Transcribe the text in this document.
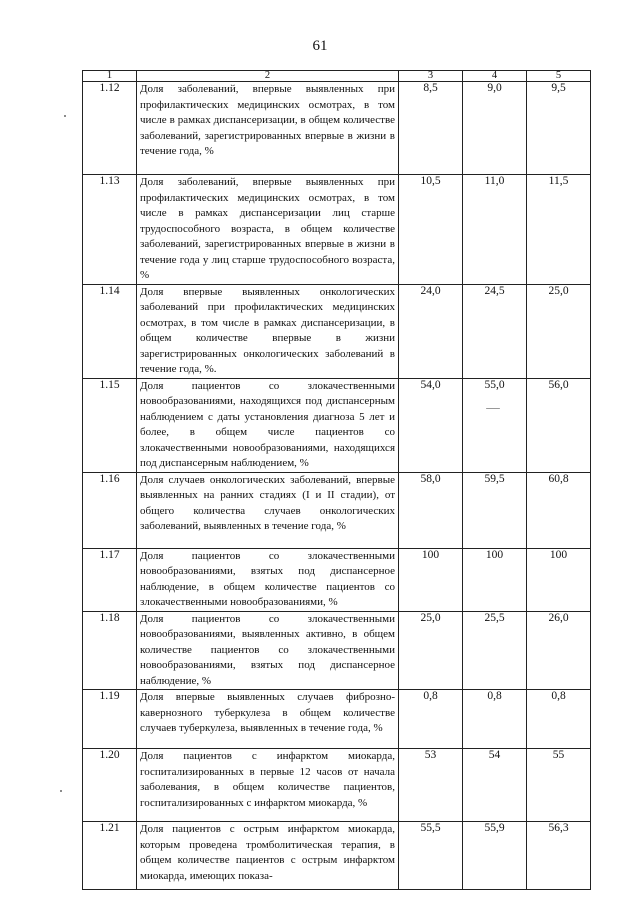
61
1	2	3	4	5
1.12	Доля заболеваний, впервые выявленных при профилактических медицинских осмотрах, в том числе в рамках диспансеризации, в общем количестве заболеваний, зарегистрированных впервые в жизни в течение года, %	8,5	9,0	9,5
1.13	Доля заболеваний, впервые выявленных при профилактических медицинских осмотрах, в том числе в рамках диспансеризации лиц старше трудоспособного возраста, в общем количестве заболеваний, зарегистрированных впервые в жизни в течение года у лиц старше трудоспособного возраста, %	10,5	11,0	11,5
1.14	Доля впервые выявленных онкологических заболеваний при профилактических медицинских осмотрах, в том числе в рамках диспансеризации, в общем количестве впервые в жизни зарегистрированных онкологических заболеваний в течение года, %.	24,0	24,5	25,0
1.15	Доля пациентов со злокачественными новообразованиями, находящихся под диспансерным наблюдением с даты установления диагноза 5 лет и более, в общем числе пациентов со злокачественными новообразованиями, находящихся под диспансерным наблюдением, %	54,0	55,0	56,0
1.16	Доля случаев онкологических заболеваний, впервые выявленных на ранних стадиях (I и II стадии), от общего количества случаев онкологических заболеваний, выявленных в течение года, %	58,0	59,5	60,8
1.17	Доля пациентов со злокачественными новообразованиями, взятых под диспансерное наблюдение, в общем количестве пациентов со злокачественными новообразованиями, %	100	100	100
1.18	Доля пациентов со злокачественными новообразованиями, выявленных активно, в общем количестве пациентов со злокачественными новообразованиями, взятых под диспансерное наблюдение, %	25,0	25,5	26,0
1.19	Доля впервые выявленных случаев фиброзно-кавернозного туберкулеза в общем количестве случаев туберкулеза, выявленных в течение года, %	0,8	0,8	0,8
1.20	Доля пациентов с инфарктом миокарда, госпитализированных в первые 12 часов от начала заболевания, в общем количестве пациентов, госпитализированных с инфарктом миокарда, %	53	54	55
1.21	Доля пациентов с острым инфарктом миокарда, которым проведена тромболитическая терапия, в общем количестве пациентов с острым инфарктом миокарда, имеющих показа-	55,5	55,9	56,3
